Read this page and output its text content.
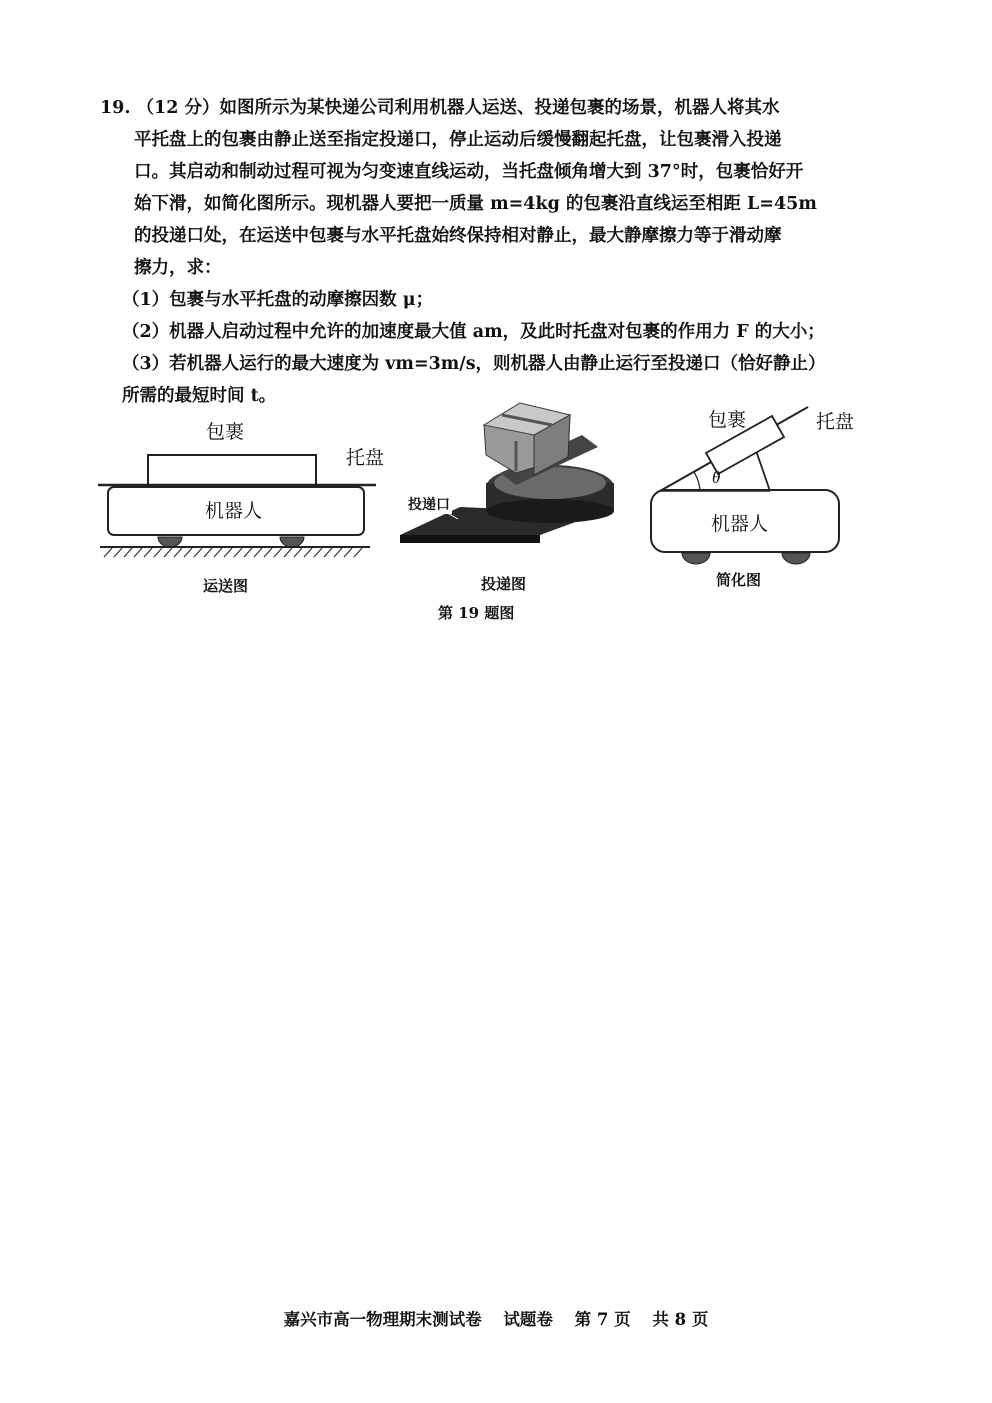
19. （12 分）如图所示为某快递公司利用机器人运送、投递包裹的场景，机器人将其水
平托盘上的包裹由静止送至指定投递口，停止运动后缓慢翻起托盘，让包裹滑入投递
口。其启动和制动过程可视为匀变速直线运动，当托盘倾角增大到 37°时，包裹恰好开
始下滑，如简化图所示。现机器人要把一质量 m=4kg 的包裹沿直线运至相距 L=45m
的投递口处，在运送中包裹与水平托盘始终保持相对静止，最大静摩擦力等于滑动摩
擦力，求：
（1）包裹与水平托盘的动摩擦因数 μ；
（2）机器人启动过程中允许的加速度最大值 am，及此时托盘对包裹的作用力 F 的大小；
（3）若机器人运行的最大速度为 vm=3m/s，则机器人由静止运行至投递口（恰好静止）
所需的最短时间 t。
包裹
托盘
机器人
运送图
投递口
投递图
包裹	托盘
θ
机器人
简化图
第 19 题图
嘉兴市高一物理期末测试卷 试题卷 第 7 页 共 8 页
